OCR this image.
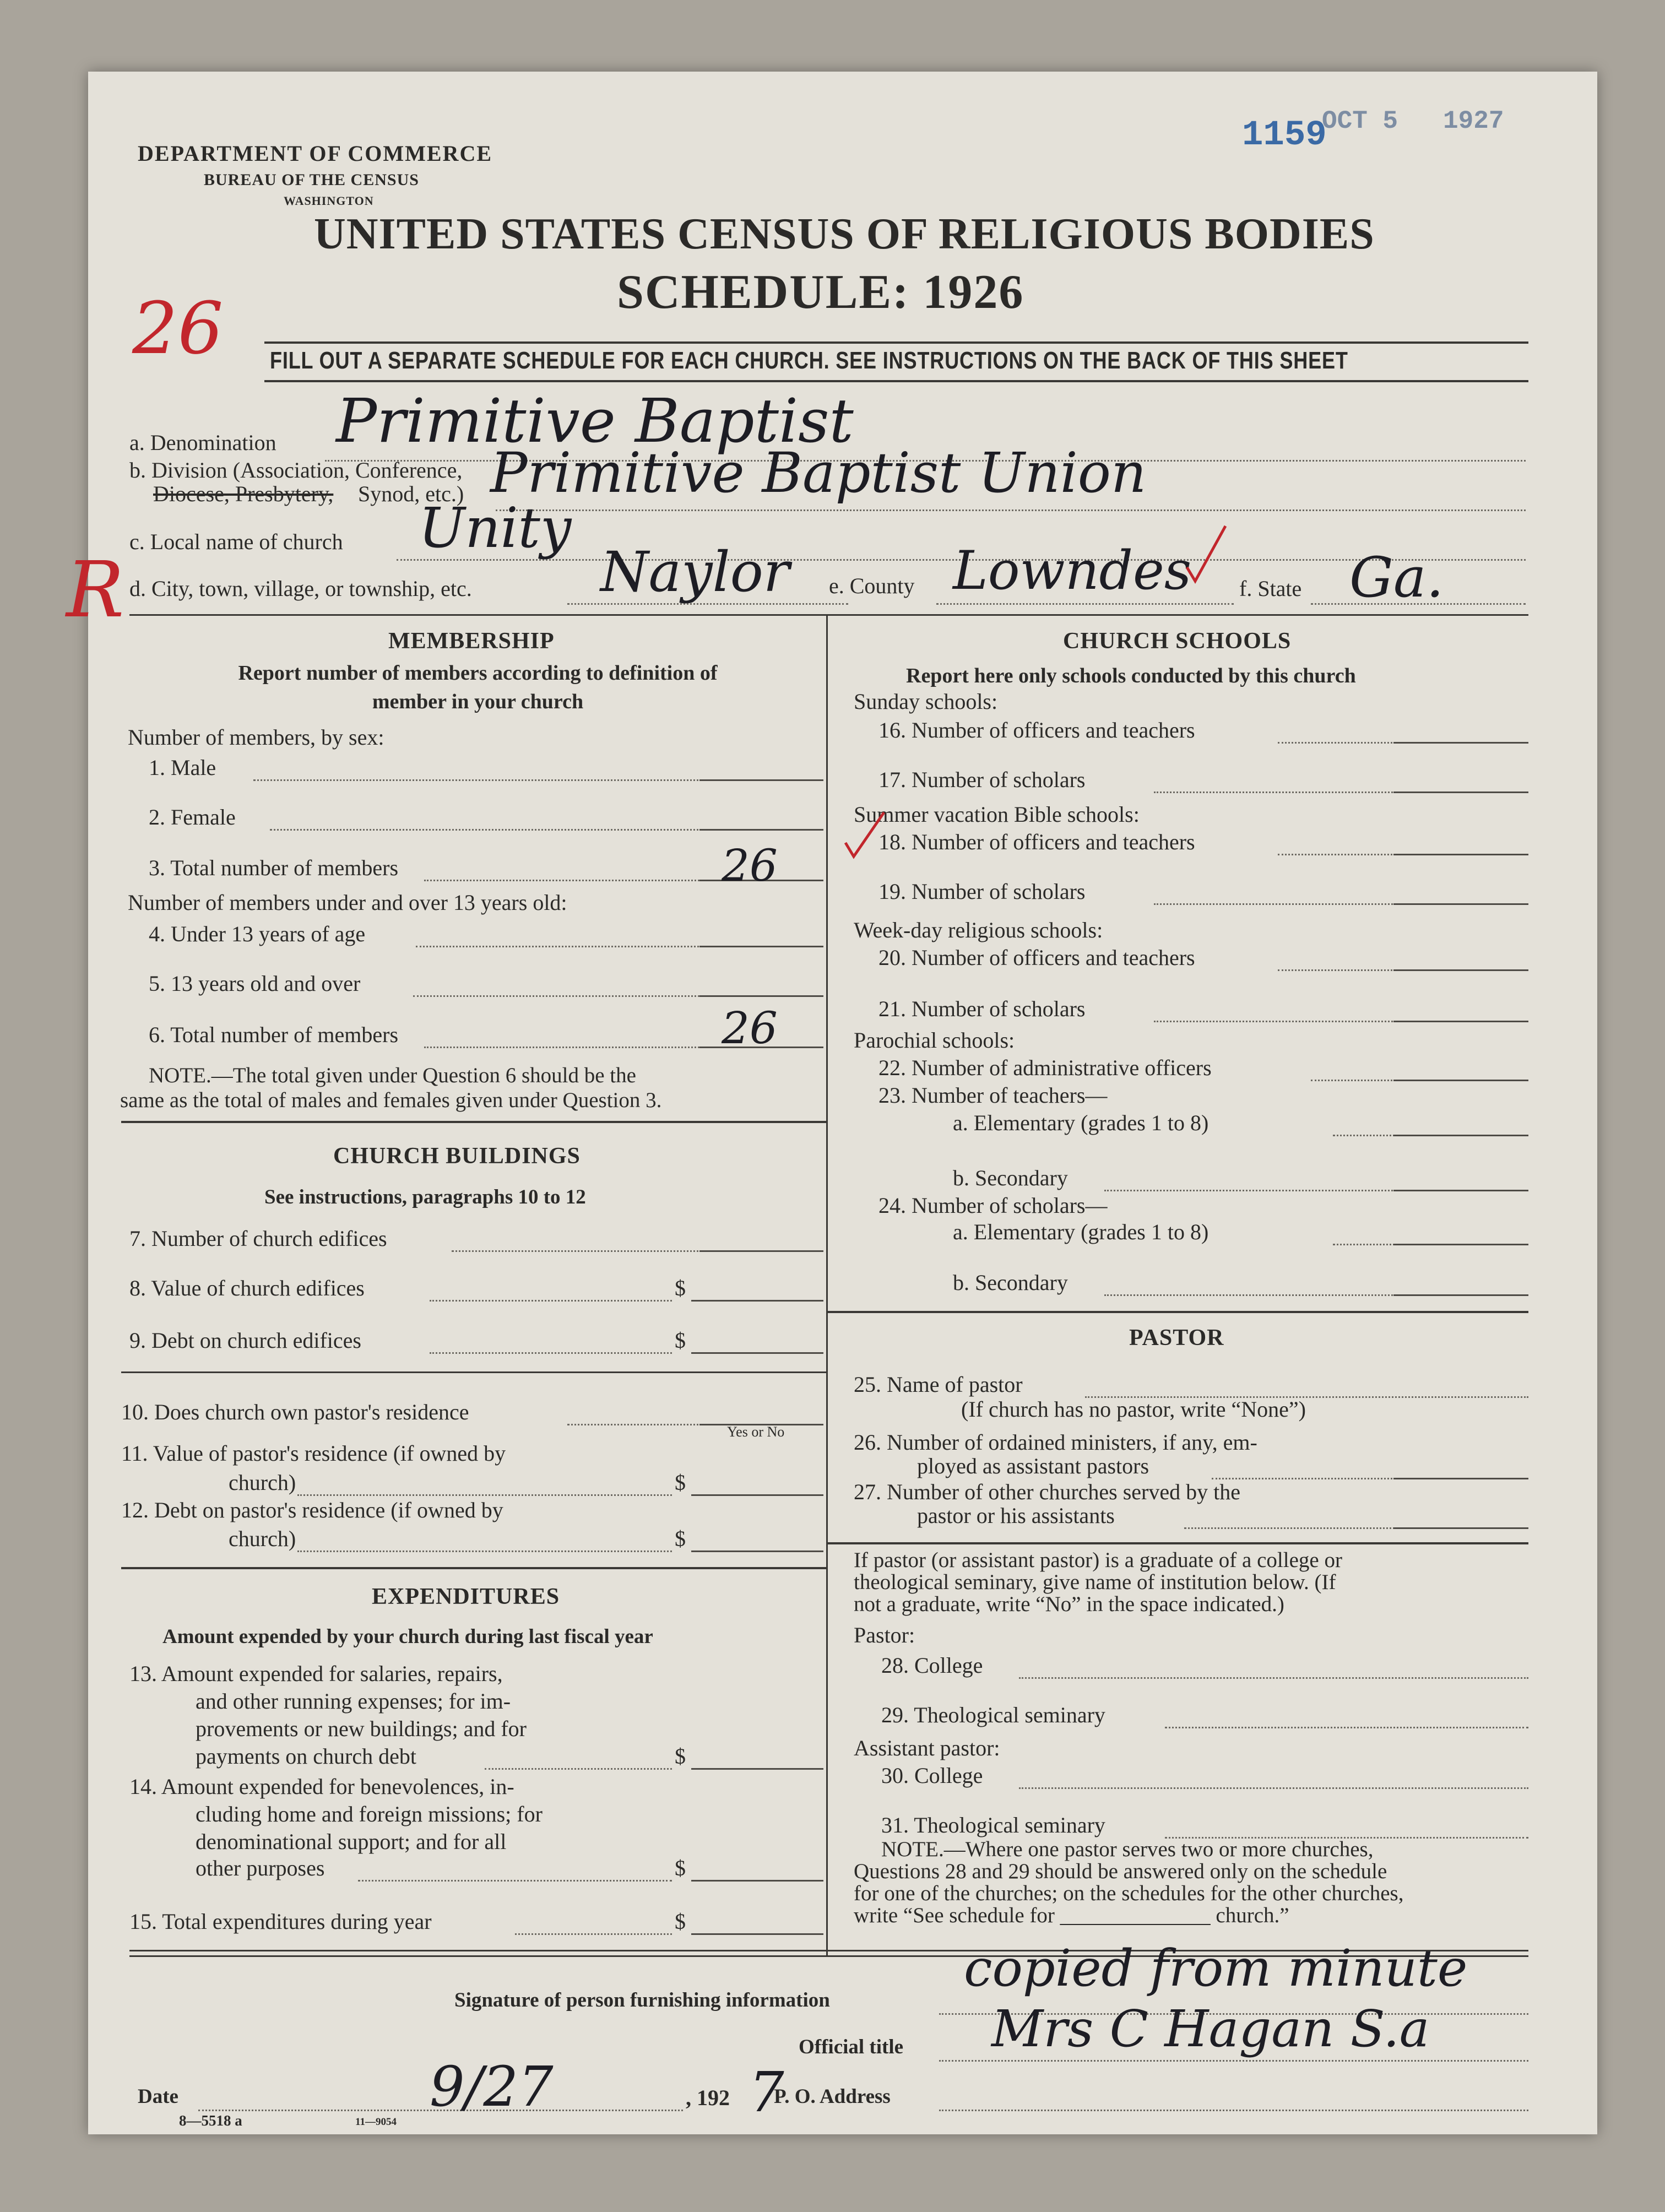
1159
OCT 5 1927
DEPARTMENT OF COMMERCE
BUREAU OF THE CENSUS
WASHINGTON
UNITED STATES CENSUS OF RELIGIOUS BODIES
SCHEDULE: 1926
26 FILL OUT A SEPARATE SCHEDULE FOR EACH CHURCH. SEE INSTRUCTIONS ON THE BACK OF THIS SHEET
a. Denomination Primitive Baptist
b. Division (Association, Conference,
Diocese, Presbytery, Synod, etc.) Primitive Baptist Union
c. Local name of church Unity
R d. City, town, village, or township, etc. Naylor e. County Lowndes f. State Ga.
MEMBERSHIP
Report number of members according to definition of
member in your church
Number of members, by sex:
1. Male
2. Female
3. Total number of members	26
Number of members under and over 13 years old:
4. Under 13 years of age
5. 13 years old and over
6. Total number of members	26
NOTE.—The total given under Question 6 should be the
same as the total of males and females given under Question 3.
CHURCH BUILDINGS
See instructions, paragraphs 10 to 12
7. Number of church edifices
8. Value of church edifices	$
9. Debt on church edifices	$
10. Does church own pastor's residence
Yes or No
11. Value of pastor's residence (if owned by
church)	$
12. Debt on pastor's residence (if owned by
church)	$
EXPENDITURES
Amount expended by your church during last fiscal year
13. Amount expended for salaries, repairs,
and other running expenses; for im-
provements or new buildings; and for
payments on church debt	$
14. Amount expended for benevolences, in-
cluding home and foreign missions; for
denominational support; and for all
other purposes	$
15. Total expenditures during year	$
CHURCH SCHOOLS
Report here only schools conducted by this church
Sunday schools:
16. Number of officers and teachers
17. Number of scholars
Summer vacation Bible schools:
18. Number of officers and teachers
19. Number of scholars
Week-day religious schools:
20. Number of officers and teachers
21. Number of scholars
Parochial schools:
22. Number of administrative officers
23. Number of teachers—
a. Elementary (grades 1 to 8)
b. Secondary
24. Number of scholars—
a. Elementary (grades 1 to 8)
b. Secondary
PASTOR
25. Name of pastor
(If church has no pastor, write “None”)
26. Number of ordained ministers, if any, em-
ployed as assistant pastors
27. Number of other churches served by the
pastor or his assistants
If pastor (or assistant pastor) is a graduate of a college or
theological seminary, give name of institution below. (If
not a graduate, write “No” in the space indicated.)
Pastor:
28. College
29. Theological seminary
Assistant pastor:
30. College
31. Theological seminary
NOTE.—Where one pastor serves two or more churches,
Questions 28 and 29 should be answered only on the schedule
for one of the churches; on the schedules for the other churches,
write “See schedule for ______________ church.”
Signature of person furnishing information
copied from minute
Official title Mrs C Hagan S.a
Date	9/27	, 192 7
P. O. Address
8—5518 a	11—9054
